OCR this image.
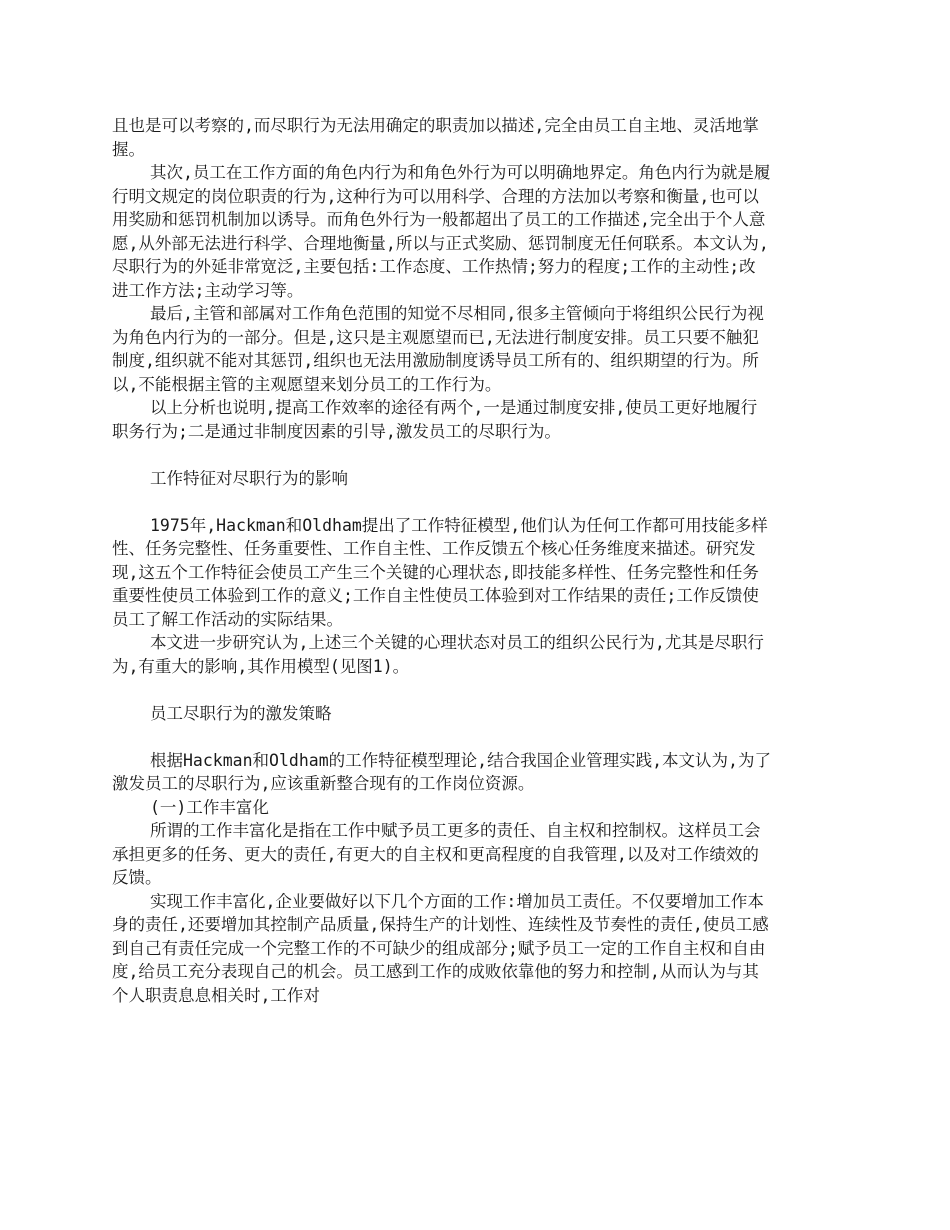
且也是可以考察的,而尽职行为无法用确定的职责加以描述,完全由员工自主地、灵活地掌握。

其次,员工在工作方面的角色内行为和角色外行为可以明确地界定。角色内行为就是履行明文规定的岗位职责的行为,这种行为可以用科学、合理的方法加以考察和衡量,也可以用奖励和惩罚机制加以诱导。而角色外行为一般都超出了员工的工作描述,完全出于个人意愿,从外部无法进行科学、合理地衡量,所以与正式奖励、惩罚制度无任何联系。本文认为,尽职行为的外延非常宽泛,主要包括:工作态度、工作热情;努力的程度;工作的主动性;改进工作方法;主动学习等。

最后,主管和部属对工作角色范围的知觉不尽相同,很多主管倾向于将组织公民行为视为角色内行为的一部分。但是,这只是主观愿望而已,无法进行制度安排。员工只要不触犯制度,组织就不能对其惩罚,组织也无法用激励制度诱导员工所有的、组织期望的行为。所以,不能根据主管的主观愿望来划分员工的工作行为。

以上分析也说明,提高工作效率的途径有两个,一是通过制度安排,使员工更好地履行职务行为;二是通过非制度因素的引导,激发员工的尽职行为。

工作特征对尽职行为的影响

1975年,Hackman和Oldham提出了工作特征模型,他们认为任何工作都可用技能多样性、任务完整性、任务重要性、工作自主性、工作反馈五个核心任务维度来描述。研究发现,这五个工作特征会使员工产生三个关键的心理状态,即技能多样性、任务完整性和任务重要性使员工体验到工作的意义;工作自主性使员工体验到对工作结果的责任;工作反馈使员工了解工作活动的实际结果。

本文进一步研究认为,上述三个关键的心理状态对员工的组织公民行为,尤其是尽职行为,有重大的影响,其作用模型(见图1)。

员工尽职行为的激发策略

根据Hackman和Oldham的工作特征模型理论,结合我国企业管理实践,本文认为,为了激发员工的尽职行为,应该重新整合现有的工作岗位资源。

(一)工作丰富化

所谓的工作丰富化是指在工作中赋予员工更多的责任、自主权和控制权。这样员工会承担更多的任务、更大的责任,有更大的自主权和更高程度的自我管理,以及对工作绩效的反馈。

实现工作丰富化,企业要做好以下几个方面的工作:增加员工责任。不仅要增加工作本身的责任,还要增加其控制产品质量,保持生产的计划性、连续性及节奏性的责任,使员工感到自己有责任完成一个完整工作的不可缺少的组成部分;赋予员工一定的工作自主权和自由度,给员工充分表现自己的机会。员工感到工作的成败依靠他的努力和控制,从而认为与其个人职责息息相关时,工作对
